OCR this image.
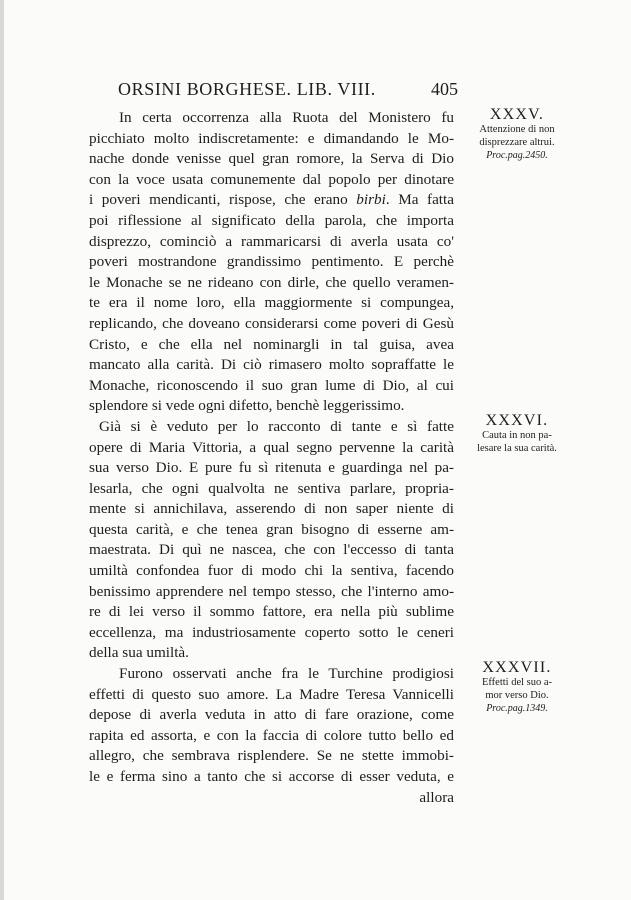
ORSINI BORGHESE. LIB. VIII.	405
In certa occorrenza alla Ruota del Monistero fu
picchiato molto indiscretamente: e dimandando le Mo-
nache donde venisse quel gran romore, la Serva di Dio
con la voce usata comunemente dal popolo per dinotare
i poveri mendicanti, rispose, che erano birbi. Ma fatta
poi riflessione al significato della parola, che importa
disprezzo, cominciò a rammaricarsi di averla usata co'
poveri mostrandone grandissimo pentimento. E perchè
le Monache se ne rideano con dirle, che quello veramen-
te era il nome loro, ella maggiormente si compungea,
replicando, che doveano considerarsi come poveri di Gesù
Cristo, e che ella nel nominargli in tal guisa, avea
mancato alla carità. Di ciò rimasero molto sopraffatte le
Monache, riconoscendo il suo gran lume di Dio, al cui
splendore si vede ogni difetto, benchè leggerissimo.
Già si è veduto per lo racconto di tante e sì fatte
opere di Maria Vittoria, a qual segno pervenne la carità
sua verso Dio. E pure fu sì ritenuta e guardinga nel pa-
lesarla, che ogni qualvolta ne sentiva parlare, propria-
mente si annichilava, asserendo di non saper niente di
questa carità, e che tenea gran bisogno di esserne am-
maestrata. Di quì ne nascea, che con l'eccesso di tanta
umiltà confondea fuor di modo chi la sentiva, facendo
benissimo apprendere nel tempo stesso, che l'interno amo-
re di lei verso il sommo fattore, era nella più sublime
eccellenza, ma industriosamente coperto sotto le ceneri
della sua umiltà.
Furono osservati anche fra le Turchine prodigiosi
effetti di questo suo amore. La Madre Teresa Vannicelli
depose di averla veduta in atto di fare orazione, come
rapita ed assorta, e con la faccia di colore tutto bello ed
allegro, che sembrava risplendere. Se ne stette immobi-
le e ferma sino a tanto che si accorse di esser veduta, e
allora
XXXV.
Attenzione di non
disprezzare altrui.
Proc.pag.2450.
XXXVI.
Cauta in non pa-
lesare la sua carità.
XXXVII.
Effetti del suo a-
mor verso Dio.
Proc.pag.1349.
